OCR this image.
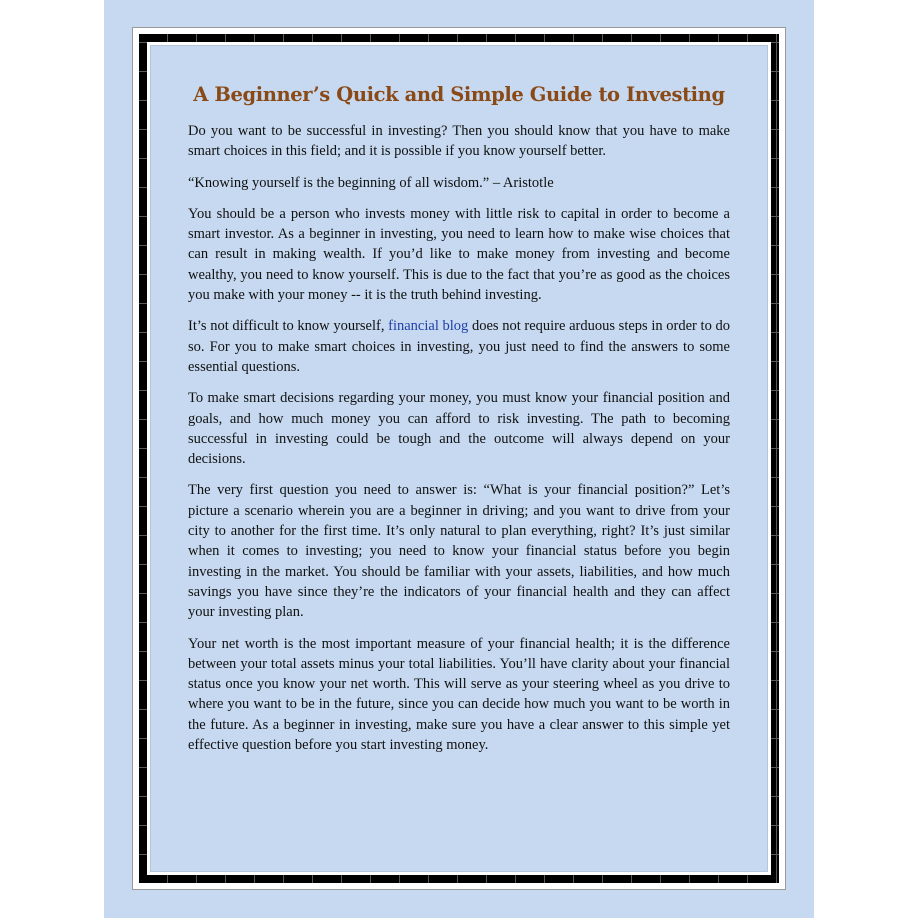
A Beginner’s Quick and Simple Guide to Investing

Do you want to be successful in investing? Then you should know that you have to make smart choices in this field; and it is possible if you know yourself better.

“Knowing yourself is the beginning of all wisdom.” – Aristotle

You should be a person who invests money with little risk to capital in order to become a smart investor. As a beginner in investing, you need to learn how to make wise choices that can result in making wealth. If you’d like to make money from investing and become wealthy, you need to know yourself. This is due to the fact that you’re as good as the choices you make with your money -- it is the truth behind investing.

It’s not difficult to know yourself, financial blog does not require arduous steps in order to do so. For you to make smart choices in investing, you just need to find the answers to some essential questions.

To make smart decisions regarding your money, you must know your financial position and goals, and how much money you can afford to risk investing. The path to becoming successful in investing could be tough and the outcome will always depend on your decisions.

The very first question you need to answer is: “What is your financial position?” Let’s picture a scenario wherein you are a beginner in driving; and you want to drive from your city to another for the first time. It’s only natural to plan everything, right? It’s just similar when it comes to investing; you need to know your financial status before you begin investing in the market. You should be familiar with your assets, liabilities, and how much savings you have since they’re the indicators of your financial health and they can affect your investing plan.

Your net worth is the most important measure of your financial health; it is the difference between your total assets minus your total liabilities. You’ll have clarity about your financial status once you know your net worth. This will serve as your steering wheel as you drive to where you want to be in the future, since you can decide how much you want to be worth in the future. As a beginner in investing, make sure you have a clear answer to this simple yet effective question before you start investing money.
